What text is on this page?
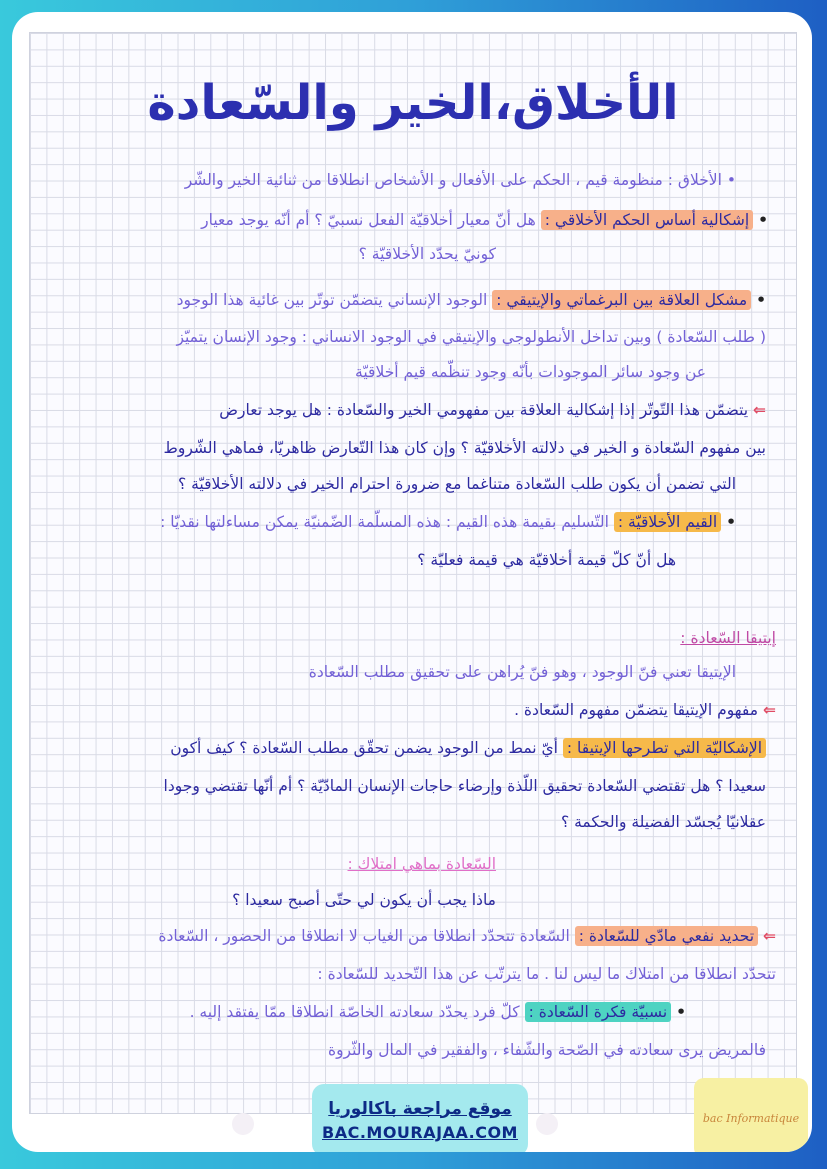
الأخلاق،الخير والسّعادة
• الأخلاق : منظومة قيم ، الحكم على الأفعال و الأشخاص انطلاقا من ثنائية الخير والشّر
• إشكالية أساس الحكم الأخلاقي : هل أنّ معيار أخلاقيّة الفعل نسبيّ ؟ أم أنّه يوجد معيار
كونيّ يحدّد الأخلاقيّة ؟
• مشكل العلاقة بين البرغماتي والإيتيقي : الوجود الإنساني يتضمّن توتّر بين غائية هذا الوجود
( طلب السّعادة ) وبين تداخل الأنطولوجي والإيتيقي في الوجود الانساني : وجود الإنسان يتميّز
عن وجود سائر الموجودات بأنّه وجود تنظّمه قيم أخلاقيّة
⇐ يتضمّن هذا التّوتّر إذا إشكالية العلاقة بين مفهومي الخير والسّعادة : هل يوجد تعارض
بين مفهوم السّعادة و الخير في دلالته الأخلاقيّة ؟ وإن كان هذا التّعارض ظاهريّا، فماهي الشّروط
التي تضمن أن يكون طلب السّعادة متناغما مع ضرورة احترام الخير في دلالته الأخلاقيّة ؟
• القيم الأخلاقيّة : التّسليم بقيمة هذه القيم : هذه المسلّمة الضّمنيّة يمكن مساءلتها نقديّا :
هل أنّ كلّ قيمة أخلاقيّة هي قيمة فعليّة ؟
إيتيقا السّعادة :
الإيتيقا تعني فنّ الوجود ، وهو فنّ يُراهن على تحقيق مطلب السّعادة
⇐ مفهوم الإيتيقا يتضمّن مفهوم السّعادة .
الإشكاليّة التي تطرحها الإيتيقا : أيّ نمط من الوجود يضمن تحقّق مطلب السّعادة ؟ كيف أكون
سعيدا ؟ هل تقتضي السّعادة تحقيق اللّذة وإرضاء حاجات الإنسان المادّيّة ؟ أم أنّها تقتضي وجودا
عقلانيّا يُجسّد الفضيلة والحكمة ؟
السّعادة بماهي امتلاك :
ماذا يجب أن يكون لي حتّى أصبح سعيدا ؟
⇐ تحديد نفعي مادّي للسّعادة : السّعادة تتحدّد انطلاقا من الغياب لا انطلاقا من الحضور ، السّعادة
تتحدّد انطلاقا من امتلاك ما ليس لنا . ما يترتّب عن هذا التّحديد للسّعادة :
• نسبيّة فكرة السّعادة : كلّ فرد يحدّد سعادته الخاصّة انطلاقا ممّا يفتقد إليه .
فالمريض يرى سعادته في الصّحة والشّفاء ، والفقير في المال والثّروة
موقع مراجعة باكالوريا
BAC.MOURAJAA.COM
bac Informatique
